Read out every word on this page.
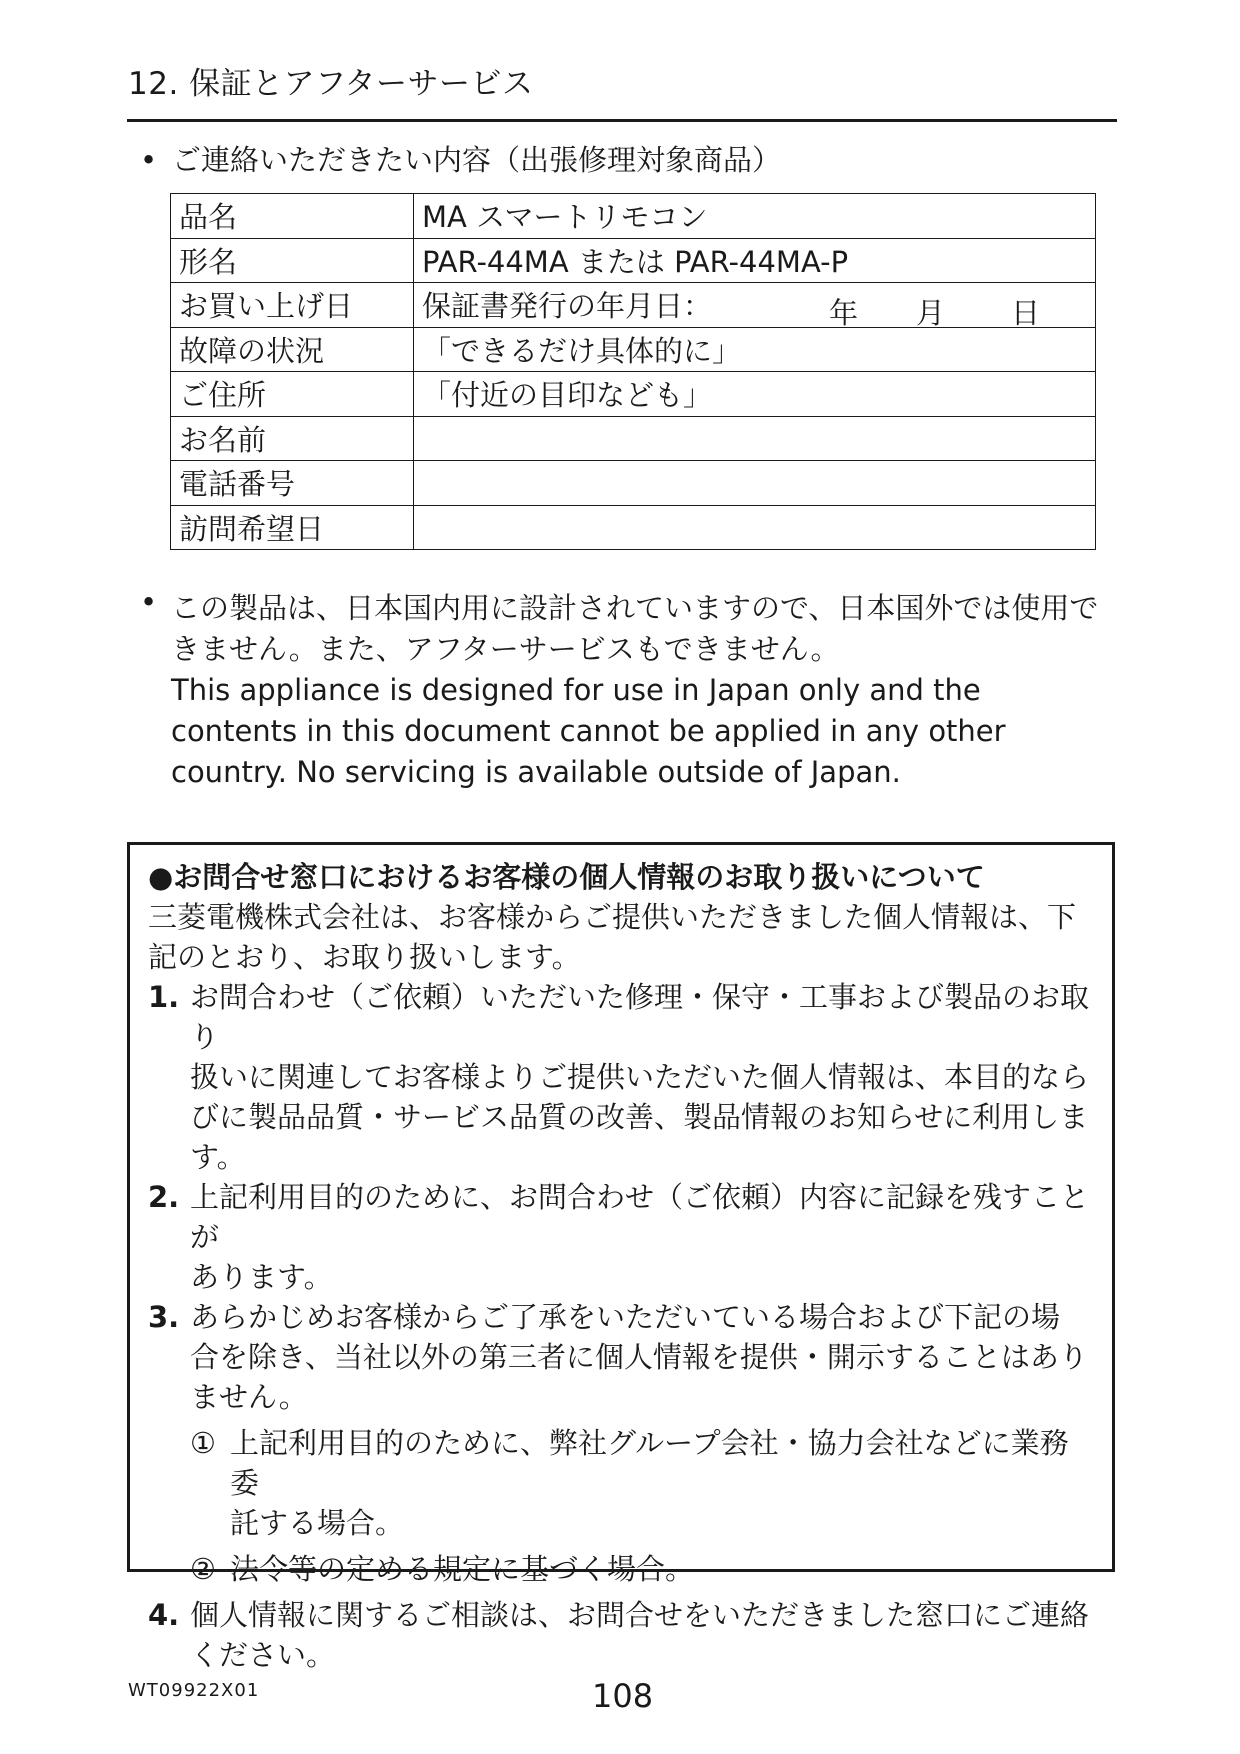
12. 保証とアフターサービス
• ご連絡いただきたい内容（出張修理対象商品）
品名	MA スマートリモコン
形名	PAR-44MA または PAR-44MA-P
お買い上げ日	保証書発行の年月日： 年 月 日

故障の状況	「できるだけ具体的に」
ご住所	「付近の目印なども」
お名前	
電話番号	
訪問希望日	
• この製品は、日本国内用に設計されていますので、日本国外では使用で

きません。また、アフターサービスもできません。

This appliance is designed for use in Japan only and the

contents in this document cannot be applied in any other

country. No servicing is available outside of Japan.

●お問合せ窓口におけるお客様の個人情報のお取り扱いについて

三菱電機株式会社は、お客様からご提供いただきました個人情報は、下

記のとおり、お取り扱いします。

1. お問合わせ（ご依頼）いただいた修理・保守・工事および製品のお取り

扱いに関連してお客様よりご提供いただいた個人情報は、本目的なら

びに製品品質・サービス品質の改善、製品情報のお知らせに利用しま

す。

2. 上記利用目的のために、お問合わせ（ご依頼）内容に記録を残すことが

あります。

3. あらかじめお客様からご了承をいただいている場合および下記の場

合を除き、当社以外の第三者に個人情報を提供・開示することはあり

ません。

① 上記利用目的のために、弊社グループ会社・協力会社などに業務委

託する場合。

② 法令等の定める規定に基づく場合。

4. 個人情報に関するご相談は、お問合せをいただきました窓口にご連絡

ください。

WT09922X01	108
